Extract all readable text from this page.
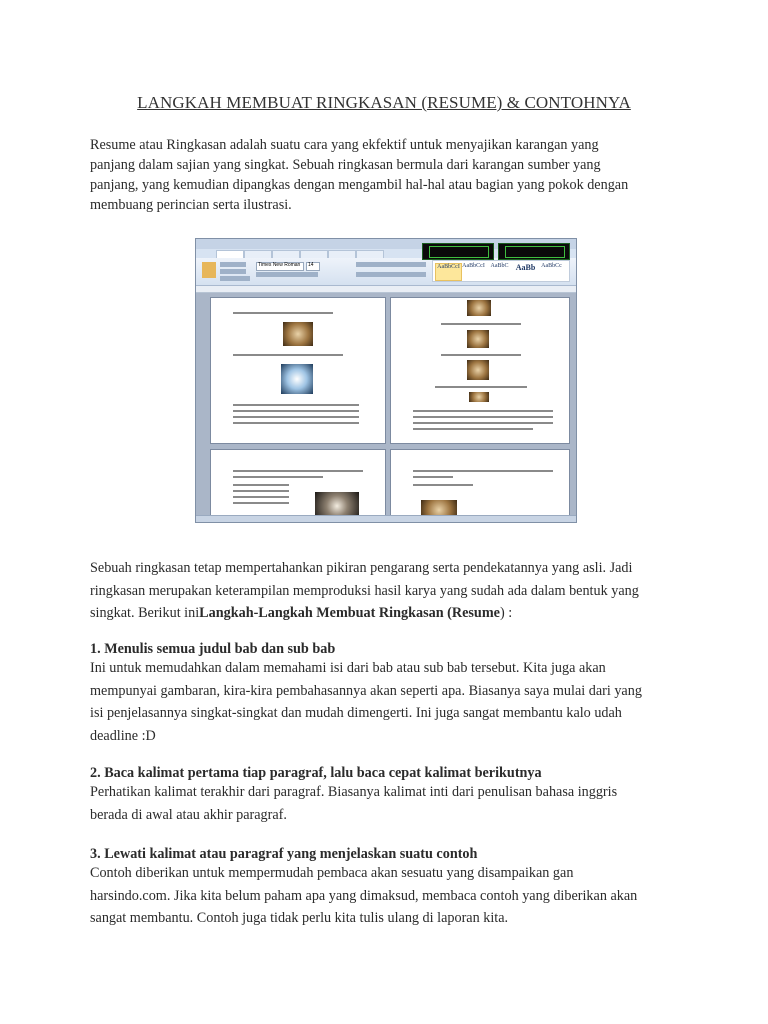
LANGKAH MEMBUAT RINGKASAN (RESUME) & CONTOHNYA

Resume atau Ringkasan adalah suatu cara yang ekfektif untuk menyajikan karangan yang
panjang dalam sajian yang singkat. Sebuah ringkasan bermula dari karangan sumber yang
panjang, yang kemudian dipangkas dengan mengambil hal-hal atau bagian yang pokok dengan
membuang perincian serta ilustrasi.

Times New Roman 14	AaBbCcI AaBbCcI AaBbC AaBb AaBbCc

Sebuah ringkasan tetap mempertahankan pikiran pengarang serta pendekatannya yang asli. Jadi
ringkasan merupakan keterampilan memproduksi hasil karya yang sudah ada dalam bentuk yang
singkat. Berikut iniLangkah-Langkah Membuat Ringkasan (Resume) :

1. Menulis semua judul bab dan sub bab

Ini untuk memudahkan dalam memahami isi dari bab atau sub bab tersebut. Kita juga akan
mempunyai gambaran, kira-kira pembahasannya akan seperti apa. Biasanya saya mulai dari yang
isi penjelasannya singkat-singkat dan mudah dimengerti. Ini juga sangat membantu kalo udah
deadline :D

2. Baca kalimat pertama tiap paragraf, lalu baca cepat kalimat berikutnya

Perhatikan kalimat terakhir dari paragraf. Biasanya kalimat inti dari penulisan bahasa inggris
berada di awal atau akhir paragraf.

3. Lewati kalimat atau paragraf yang menjelaskan suatu contoh

Contoh diberikan untuk mempermudah pembaca akan sesuatu yang disampaikan gan
harsindo.com. Jika kita belum paham apa yang dimaksud, membaca contoh yang diberikan akan
sangat membantu. Contoh juga tidak perlu kita tulis ulang di laporan kita.
